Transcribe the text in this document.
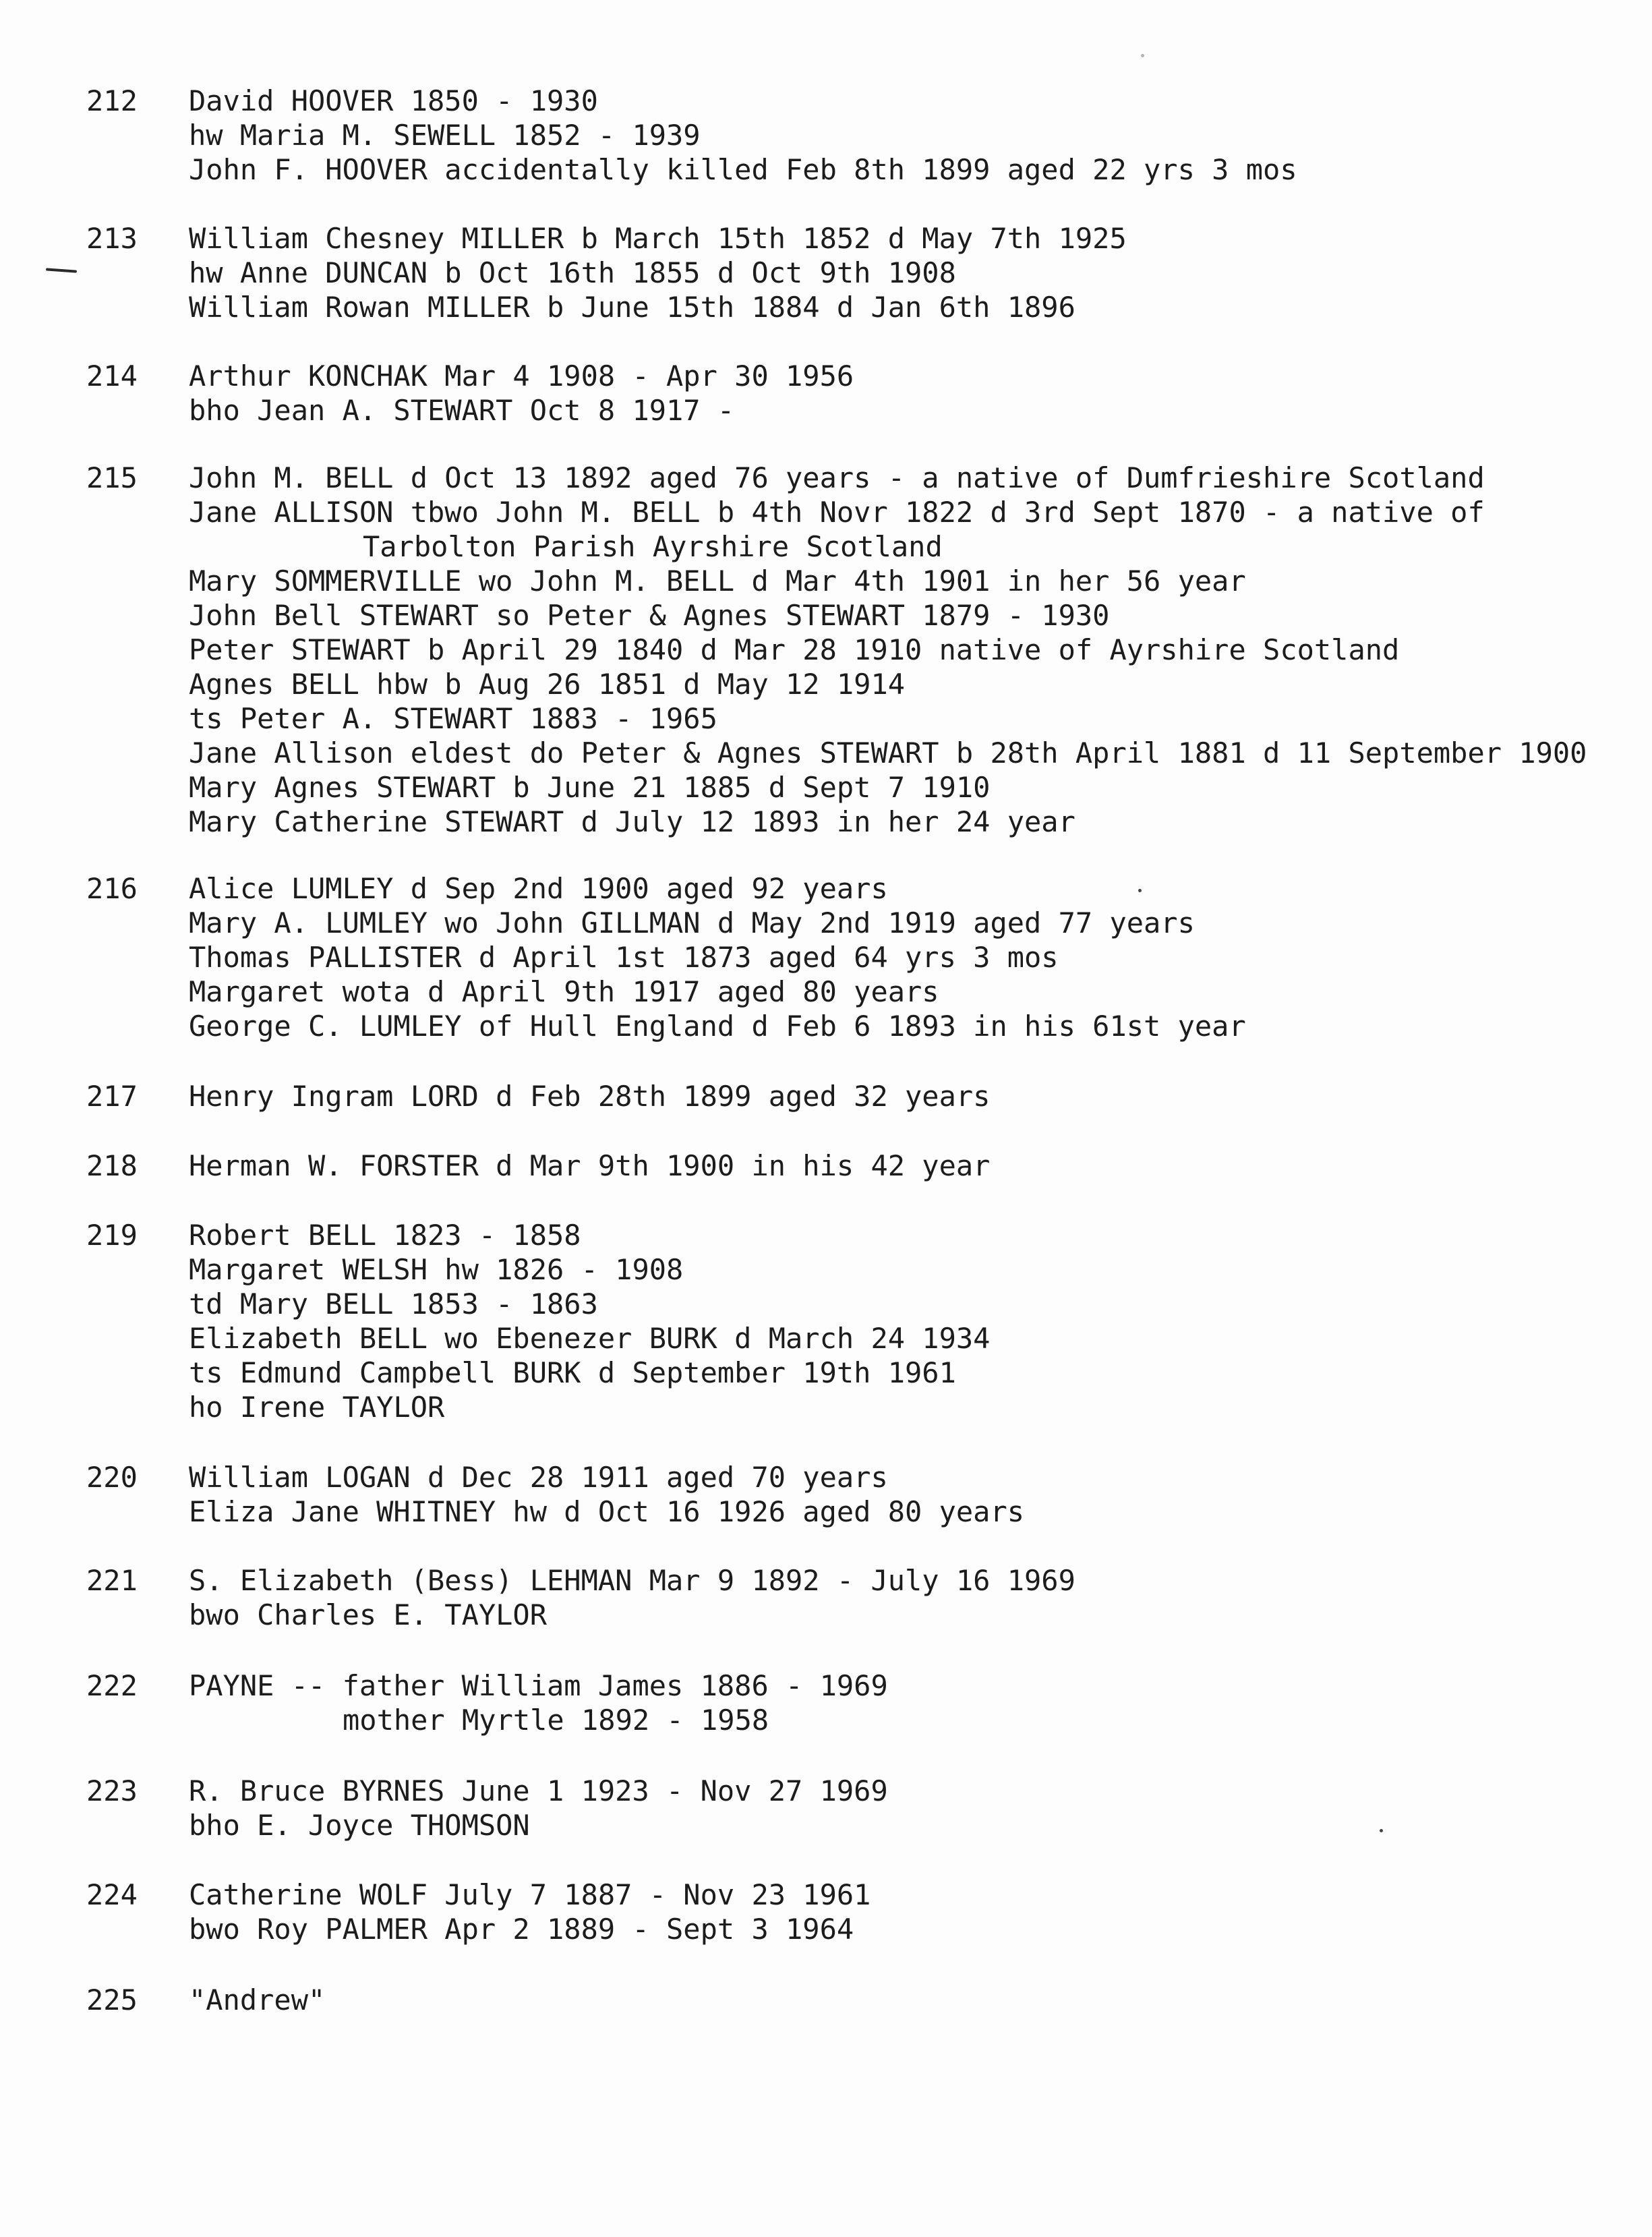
212	David HOOVER 1850 - 1930
hw Maria M. SEWELL 1852 - 1939
John F. HOOVER accidentally killed Feb 8th 1899 aged 22 yrs 3 mos
213	William Chesney MILLER b March 15th 1852 d May 7th 1925
hw Anne DUNCAN b Oct 16th 1855 d Oct 9th 1908
William Rowan MILLER b June 15th 1884 d Jan 6th 1896
214	Arthur KONCHAK Mar 4 1908 - Apr 30 1956
bho Jean A. STEWART Oct 8 1917 -
215	John M. BELL d Oct 13 1892 aged 76 years - a native of Dumfrieshire Scotland
Jane ALLISON tbwo John M. BELL b 4th Novr 1822 d 3rd Sept 1870 - a native of
Tarbolton Parish Ayrshire Scotland
Mary SOMMERVILLE wo John M. BELL d Mar 4th 1901 in her 56 year
John Bell STEWART so Peter & Agnes STEWART 1879 - 1930
Peter STEWART b April 29 1840 d Mar 28 1910 native of Ayrshire Scotland
Agnes BELL hbw b Aug 26 1851 d May 12 1914
ts Peter A. STEWART 1883 - 1965
Jane Allison eldest do Peter & Agnes STEWART b 28th April 1881 d 11 September 1900
Mary Agnes STEWART b June 21 1885 d Sept 7 1910
Mary Catherine STEWART d July 12 1893 in her 24 year
216	Alice LUMLEY d Sep 2nd 1900 aged 92 years
Mary A. LUMLEY wo John GILLMAN d May 2nd 1919 aged 77 years
Thomas PALLISTER d April 1st 1873 aged 64 yrs 3 mos
Margaret wota d April 9th 1917 aged 80 years
George C. LUMLEY of Hull England d Feb 6 1893 in his 61st year
217	Henry Ingram LORD d Feb 28th 1899 aged 32 years
218	Herman W. FORSTER d Mar 9th 1900 in his 42 year
219	Robert BELL 1823 - 1858
Margaret WELSH hw 1826 - 1908
td Mary BELL 1853 - 1863
Elizabeth BELL wo Ebenezer BURK d March 24 1934
ts Edmund Campbell BURK d September 19th 1961
ho Irene TAYLOR
220	William LOGAN d Dec 28 1911 aged 70 years
Eliza Jane WHITNEY hw d Oct 16 1926 aged 80 years
221	S. Elizabeth (Bess) LEHMAN Mar 9 1892 - July 16 1969
bwo Charles E. TAYLOR
222	PAYNE -- father William James 1886 - 1969
mother Myrtle 1892 - 1958
223	R. Bruce BYRNES June 1 1923 - Nov 27 1969
bho E. Joyce THOMSON
224	Catherine WOLF July 7 1887 - Nov 23 1961
bwo Roy PALMER Apr 2 1889 - Sept 3 1964
225	"Andrew"
